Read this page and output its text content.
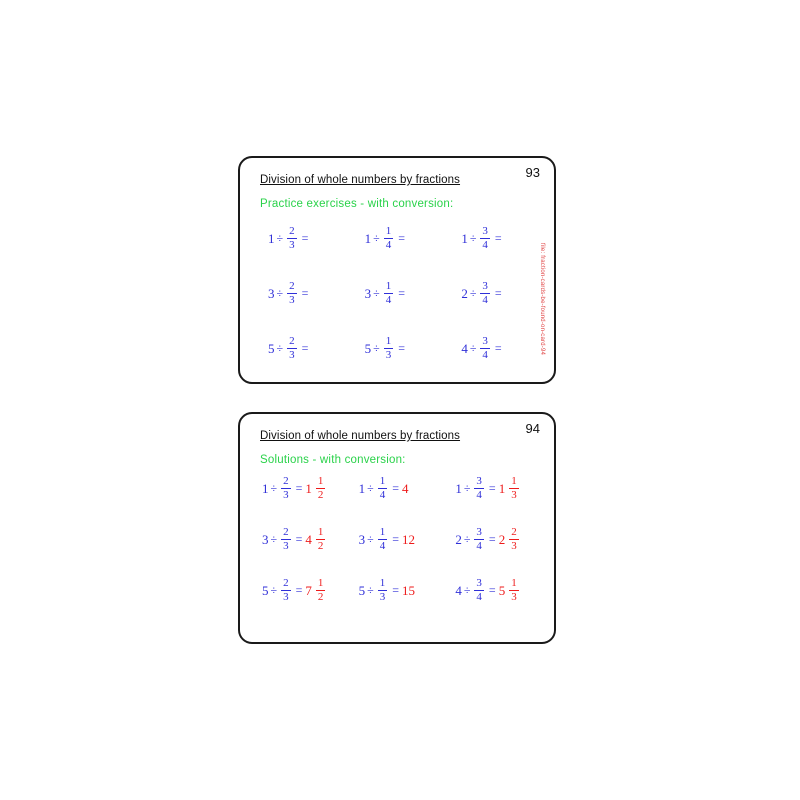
93
Division of whole numbers by fractions
Practice exercises - with conversion:
$1 \div \frac{2}{3}$ =	$1 \div \frac{1}{4}$ =	$1 \div \frac{3}{4}$ =
$3 \div \frac{2}{3}$ =	$3 \div \frac{1}{4}$ =	$2 \div \frac{3}{4}$ =
$5 \div \frac{2}{3}$ =	$5 \div \frac{1}{3}$ =	$4 \div \frac{3}{4}$ =	file: fraction-cards-be-found-on-card-94
94
Division of whole numbers by fractions
Solutions - with conversion:
$1 \div \frac{2}{3} = 1 \frac{1}{2}$	$1 \div \frac{1}{4} = 4$	$1 \div \frac{3}{4} = 1 \frac{1}{3}$
$3 \div \frac{2}{3} = 4 \frac{1}{2}$	$3 \div \frac{1}{4} = 12$	$2 \div \frac{3}{4} = 2 \frac{2}{3}$
$5 \div \frac{2}{3} = 7 \frac{1}{2}$	$5 \div \frac{1}{3} = 15$	$4 \div \frac{3}{4} = 5 \frac{1}{3}$
